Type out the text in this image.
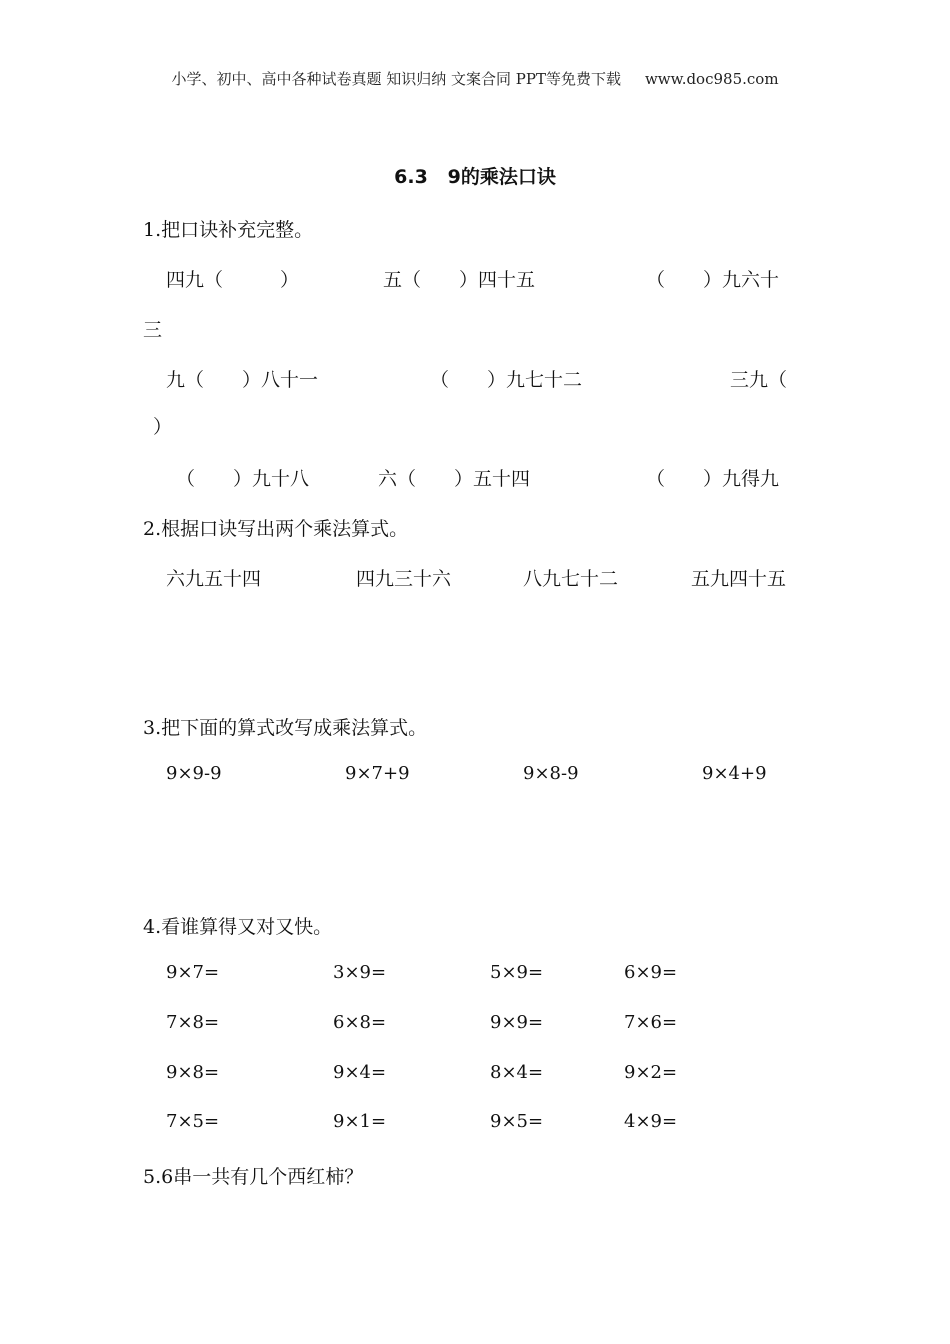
小学、初中、高中各种试卷真题 知识归纳 文案合同 PPT等免费下载 www.doc985.com
6.3   9的乘法口诀
1.把口诀补充完整。
四九（　　　）	五（　　）四十五	（　　）九六十
三
九（　　）八十一	（　　）九七十二	三九（
）
（　　）九十八	六（　　）五十四	（　　）九得九
2.根据口诀写出两个乘法算式。
六九五十四	四九三十六	八九七十二	五九四十五
3.把下面的算式改写成乘法算式。
9×9-9	9×7+9	9×8-9	9×4+9
4.看谁算得又对又快。
9×7=	3×9=	5×9=	6×9=
7×8=	6×8=	9×9=	7×6=
9×8=	9×4=	8×4=	9×2=
7×5=	9×1=	9×5=	4×9=
5.6串一共有几个西红柿？
